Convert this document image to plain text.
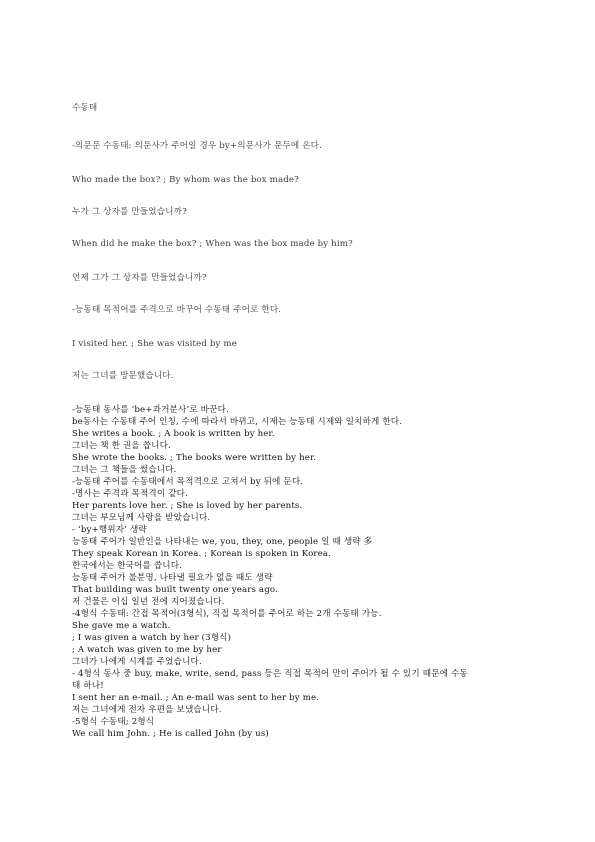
수동태
-의문문 수동태: 의문사가 주어일 경우 by+의문사가 문두에 온다.
Who made the box? ; By whom was the box made?
누가 그 상자를 만들었습니까?
When did he make the box? ; When was the box made by him?
언제 그가 그 상자를 만들었습니까?
-능동태 목적어를 주격으로 바꾸어 수동태 주어로 한다.
I visited her. ; She was visited by me
저는 그녀를 방문했습니다.
-능동태 동사를 ‘be+과거분사’로 바꾼다.
be동사는 수동태 주어 인칭, 수에 따라서 바뀌고, 시제는 능동태 시제와 일치하게 한다.
She writes a book. ; A book is written by her.
그녀는 책 한 권을 씁니다.
She wrote the books. ; The books were written by her.
그녀는 그 책들을 썼습니다.
-능동태 주어를 수동태에서 목적격으로 고쳐서 by 뒤에 둔다.
-명사는 주격과 목적격이 같다.
Her parents love her. ; She is loved by her parents.
그녀는 부모님께 사랑을 받았습니다.
- ‘by+행위자’ 생략
능동태 주어가 일반인을 나타내는 we, you, they, one, people 일 때 생략 多
They speak Korean in Korea. ; Korean is spoken in Korea.
한국에서는 한국어를 씁니다.
능동태 주어가 불분명, 나타낼 필요가 없을 때도 생략
That building was built twenty one years ago.
저 건물은 이십 일년 전에 지어졌습니다.
-4형식 수동태: 간접 목적어(3형식), 직접 목적어를 주어로 하는 2개 수동태 가능.
She gave me a watch.
; I was given a watch by her (3형식)
; A watch was given to me by her
그녀가 나에게 시계를 주었습니다.
- 4형식 동사 중 buy, make, write, send, pass 등은 직접 목적어 만이 주어가 될 수 있기 때문에 수동
태 하나!
I sent her an e-mail. ; An e-mail was sent to her by me.
저는 그녀에게 전자 우편을 보냈습니다.
-5형식 수동태; 2형식
We call him John. ; He is called John (by us)
